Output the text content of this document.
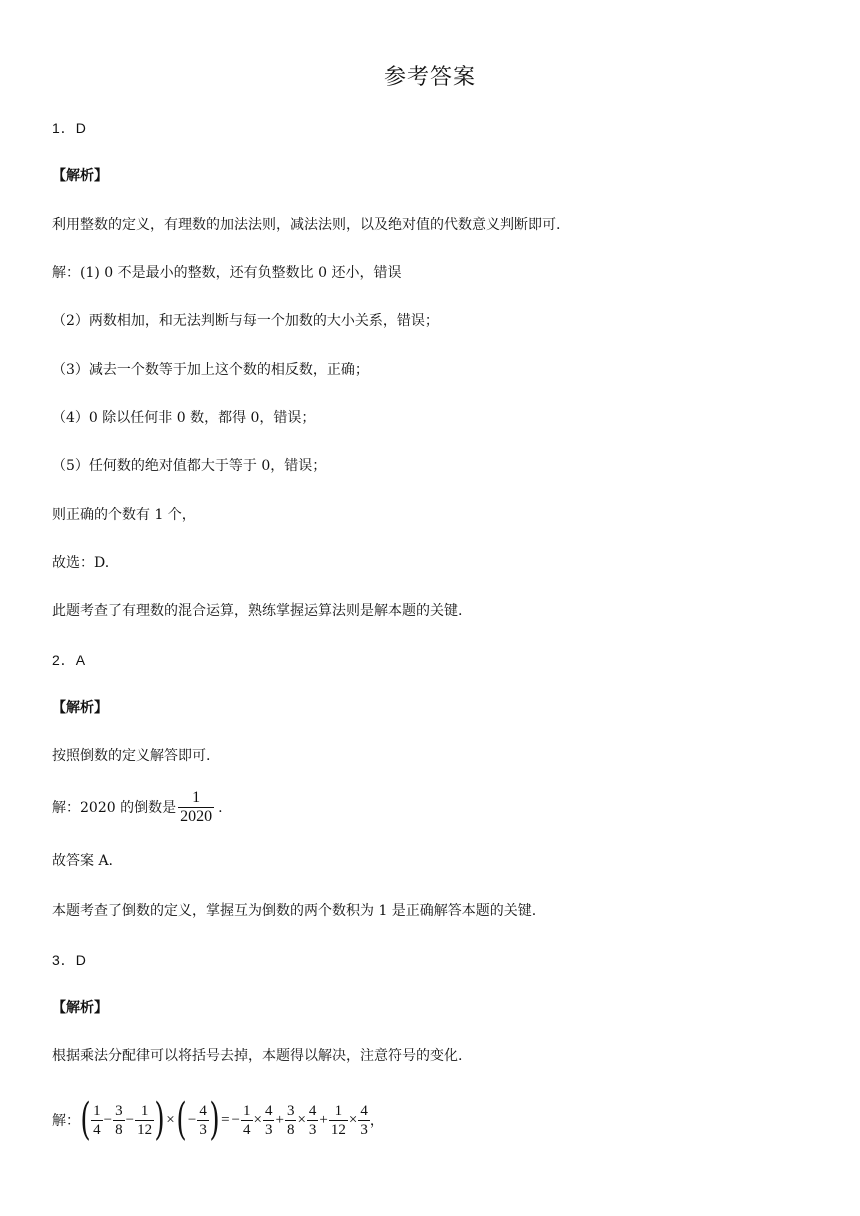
参考答案
1．D
【解析】
利用整数的定义，有理数的加法法则，减法法则，以及绝对值的代数意义判断即可.
解：(1) 0 不是最小的整数，还有负整数比 0 还小，错误
（2）两数相加，和无法判断与每一个加数的大小关系，错误；
（3）减去一个数等于加上这个数的相反数，正确；
（4）0 除以任何非 0 数，都得 0，错误；
（5）任何数的绝对值都大于等于 0，错误；
则正确的个数有 1 个，
故选：D.
此题考查了有理数的混合运算，熟练掌握运算法则是解本题的关键.
2．A
【解析】
按照倒数的定义解答即可.
解：2020 的倒数是 $\frac{1}{2020}$ .
故答案 A.
本题考查了倒数的定义，掌握互为倒数的两个数积为 1 是正确解答本题的关键.
3．D
【解析】
根据乘法分配律可以将括号去掉，本题得以解决，注意符号的变化.
解： ( $\frac{1}{4} - \frac{3}{8} - \frac{1}{12}$ ) × ( − $\frac{4}{3}$ ) = − $\frac{1}{4} \times \frac{4}{3} + \frac{3}{8} \times \frac{4}{3} + \frac{1}{12} \times \frac{4}{3}$ ，
